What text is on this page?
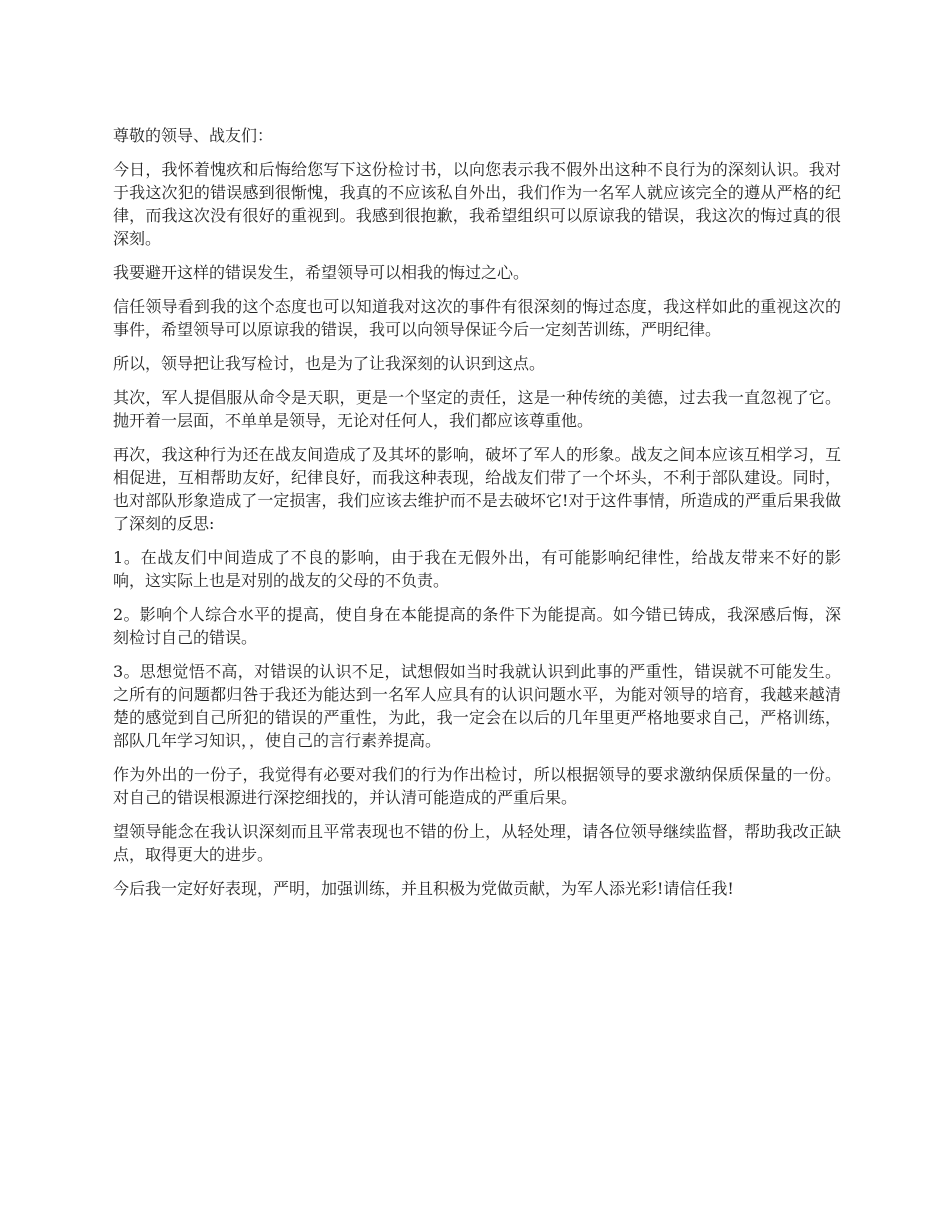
尊敬的领导、战友们：

今日，我怀着愧疚和后悔给您写下这份检讨书，以向您表示我不假外出这种不良行为的深刻认识。我对于我这次犯的错误感到很惭愧，我真的不应该私自外出，我们作为一名军人就应该完全的遵从严格的纪律，而我这次没有很好的重视到。我感到很抱歉，我希望组织可以原谅我的错误，我这次的悔过真的很深刻。

我要避开这样的错误发生，希望领导可以相我的悔过之心。

信任领导看到我的这个态度也可以知道我对这次的事件有很深刻的悔过态度，我这样如此的重视这次的事件，希望领导可以原谅我的错误，我可以向领导保证今后一定刻苦训练，严明纪律。

所以，领导把让我写检讨，也是为了让我深刻的认识到这点。

其次，军人提倡服从命令是天职，更是一个坚定的责任，这是一种传统的美德，过去我一直忽视了它。抛开着一层面，不单单是领导，无论对任何人，我们都应该尊重他。

再次，我这种行为还在战友间造成了及其坏的影响，破坏了军人的形象。战友之间本应该互相学习，互相促进，互相帮助友好，纪律良好，而我这种表现，给战友们带了一个坏头，不利于部队建设。同时，也对部队形象造成了一定损害，我们应该去维护而不是去破坏它!对于这件事情，所造成的严重后果我做了深刻的反思:

1。在战友们中间造成了不良的影响，由于我在无假外出，有可能影响纪律性，给战友带来不好的影响，这实际上也是对别的战友的父母的不负责。

2。影响个人综合水平的提高，使自身在本能提高的条件下为能提高。如今错已铸成，我深感后悔，深刻检讨自己的错误。

3。思想觉悟不高，对错误的认识不足，试想假如当时我就认识到此事的严重性，错误就不可能发生。之所有的问题都归咎于我还为能达到一名军人应具有的认识问题水平，为能对领导的培育，我越来越清楚的感觉到自己所犯的错误的严重性，为此，我一定会在以后的几年里更严格地要求自己，严格训练，部队几年学习知识，，使自己的言行素养提高。

作为外出的一份子，我觉得有必要对我们的行为作出检讨，所以根据领导的要求激纳保质保量的一份。对自己的错误根源进行深挖细找的，并认清可能造成的严重后果。

望领导能念在我认识深刻而且平常表现也不错的份上，从轻处理，请各位领导继续监督，帮助我改正缺点，取得更大的进步。

今后我一定好好表现，严明，加强训练，并且积极为党做贡献，为军人添光彩!请信任我!
